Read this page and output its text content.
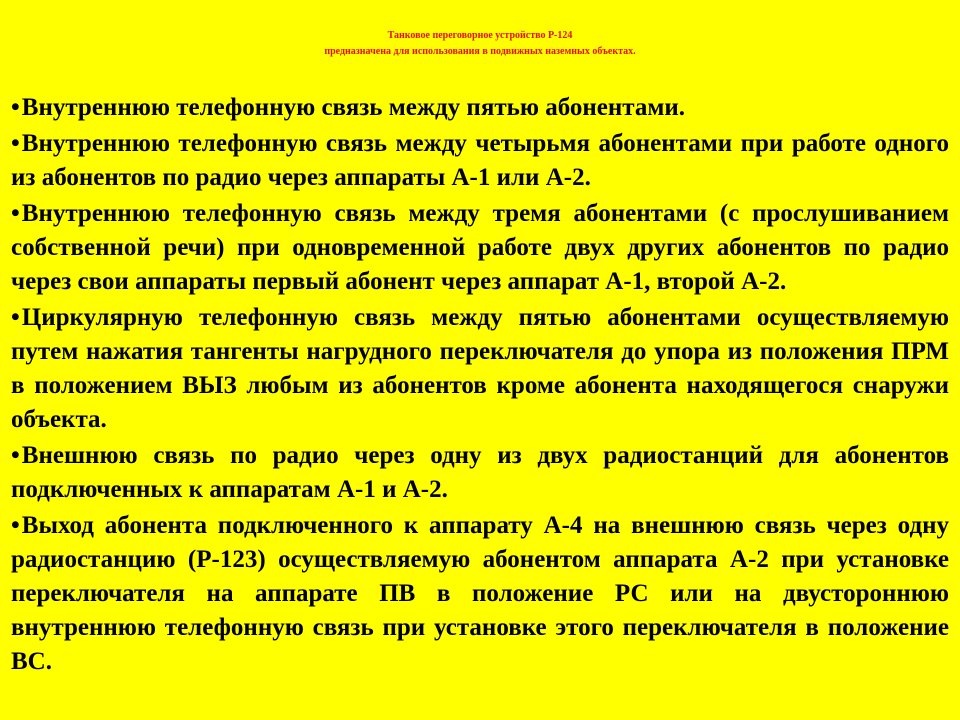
Танковое переговорное устройство Р-124
предназначена для использования в подвижных наземных объектах.
•Внутреннюю телефонную связь между пятью абонентами.
•Внутреннюю телефонную связь между четырьмя абонентами при работе одного из абонентов по радио через аппараты А-1 или А-2.
•Внутреннюю телефонную связь между тремя абонентами (с прослушиванием собственной речи) при одновременной работе двух других абонентов по радио через свои аппараты первый абонент через аппарат А-1, второй А-2.
•Циркулярную телефонную связь между пятью абонентами осуществляемую путем нажатия тангенты нагрудного переключателя до упора из положения ПРМ в положением ВЫЗ любым из абонентов кроме абонента находящегося снаружи объекта.
•Внешнюю связь по радио через одну из двух радиостанций для абонентов подключенных к аппаратам А-1 и А-2.
•Выход абонента подключенного к аппарату А-4 на внешнюю связь через одну радиостанцию (Р-123) осуществляемую абонентом аппарата А-2 при установке переключателя на аппарате ПВ в положение РС или на двустороннюю внутреннюю телефонную связь при установке этого переключателя в положение ВС.
